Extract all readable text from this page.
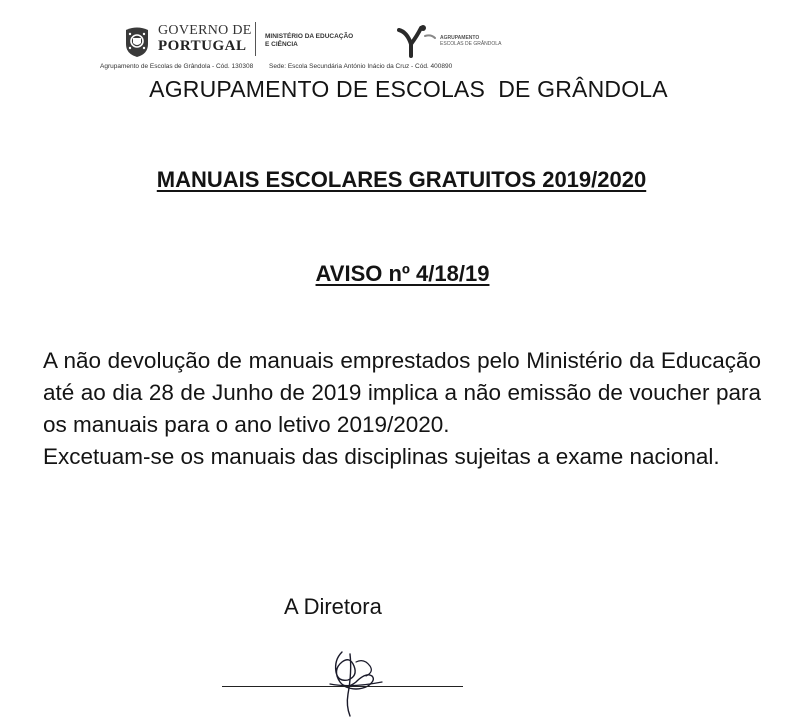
GOVERNO DE
PORTUGAL
MINISTÉRIO DA EDUCAÇÃO
E CIÊNCIA
AGRUPAMENTO
ESCOLAS DE GRÂNDOLA
Agrupamento de Escolas de Grândola - Cód. 130308 Sede: Escola Secundária António Inácio da Cruz - Cód. 400890
AGRUPAMENTO DE ESCOLAS  DE GRÂNDOLA
MANUAIS ESCOLARES GRATUITOS 2019/2020
AVISO nº 4/18/19

A não devolução de manuais emprestados pelo Ministério da Educação até ao dia 28 de Junho de 2019 implica a não emissão de voucher para os manuais para o ano letivo 2019/2020.

Excetuam-se os manuais das disciplinas sujeitas a exame nacional.

A Diretora
